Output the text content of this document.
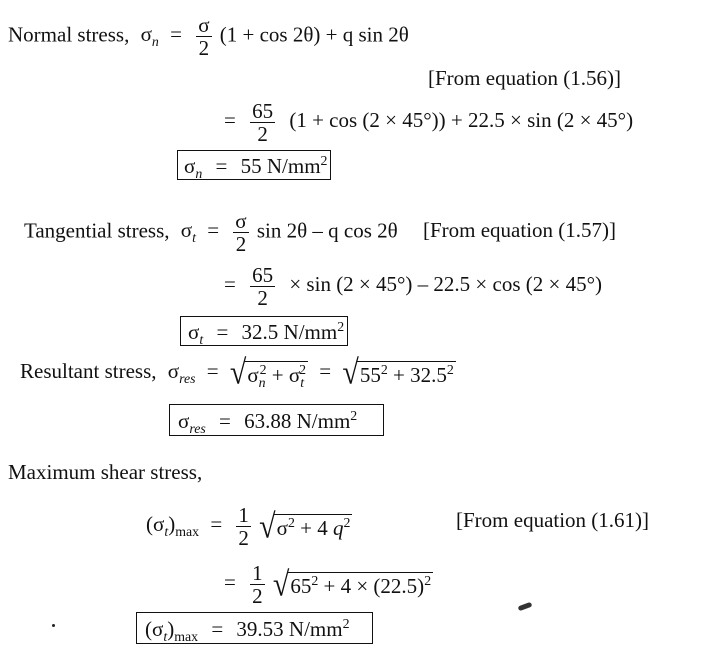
Normal stress, $\sigma_n = \frac{\sigma}{2} (1 + \cos 2\theta) + q$ sin 2θ
[From equation (1.56)]
= $\frac{65}{2} (1 + \cos (2 \times 45^\circ)) + 22.5 \times \sin (2 \times 45^\circ)$
$\sigma_n = 55$ $N/mm^2$
Tangential stress, $\sigma_t = \frac{\sigma}{2}$ sin 2θ – q cos 2θ [From equation (1.57)]
= $\frac{65}{2} \times \sin (2 \times 45^\circ) - 22.5 \times \cos (2 \times 45^\circ)$
$\sigma_t = 32.5$ $N/mm^2$
Resultant stress, $\sigma_{res} = √\sigma_n^2 + \sigma_t^2 = √55^2 + 32.5^2$
$\sigma_{res} = 63.88$ $N/mm^2$
Maximum shear stress,
$(\sigma_t)_{max} = \frac{1}{2} √\sigma^2 + 4$ $q^2$	[From equation (1.61)]
= $\frac{1}{2} √65^2 + 4 \times (22.5)^2$
$(\sigma_t)_{max} = 39.53$ $N/mm^2$
